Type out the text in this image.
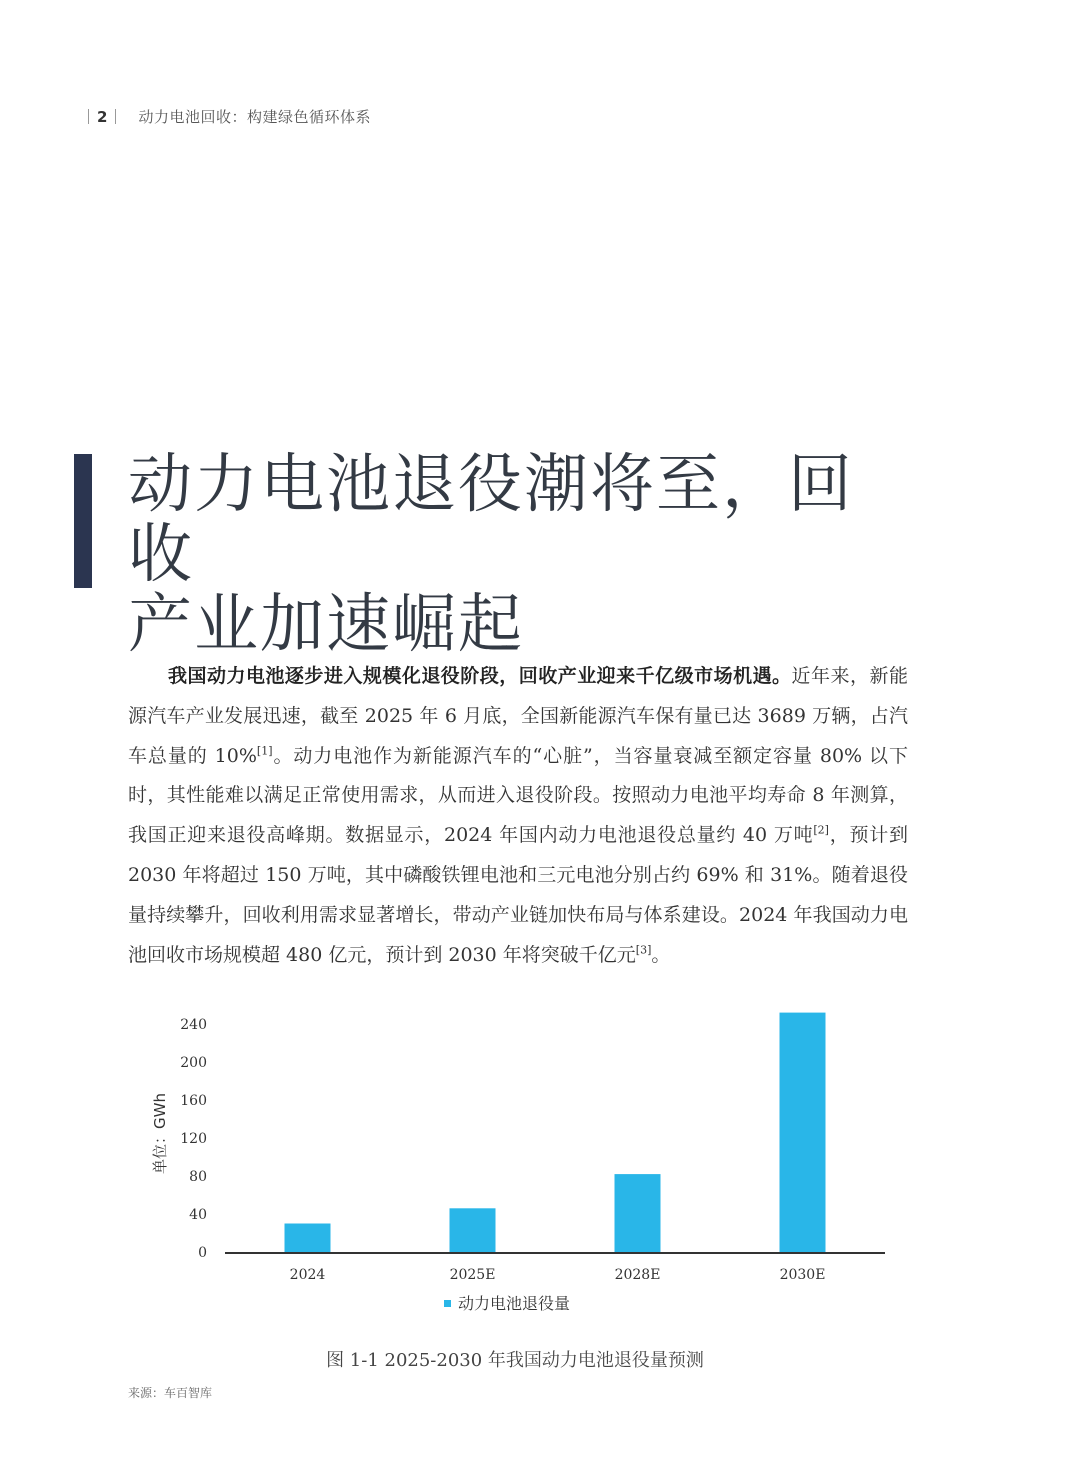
2 动力电池回收：构建绿色循环体系
动力电池退役潮将至，回收
产业加速崛起

我国动力电池逐步进入规模化退役阶段，回收产业迎来千亿级市场机遇。近年来，新能源汽车产业发展迅速，截至 2025 年 6 月底，全国新能源汽车保有量已达 3689 万辆，占汽车总量的 10%[1]。动力电池作为新能源汽车的“心脏”，当容量衰减至额定容量 80% 以下时，其性能难以满足正常使用需求，从而进入退役阶段。按照动力电池平均寿命 8 年测算，我国正迎来退役高峰期。数据显示，2024 年国内动力电池退役总量约 40 万吨[2]，预计到 2030 年将超过 150 万吨，其中磷酸铁锂电池和三元电池分别占约 69% 和 31%。随着退役量持续攀升，回收利用需求显著增长，带动产业链加快布局与体系建设。2024 年我国动力电池回收市场规模超 480 亿元，预计到 2030 年将突破千亿元[3]。

0
40
80
120
160
200
240
单位：GWh
2024	2025E	2028E	2030E
动力电池退役量
图 1-1 2025-2030 年我国动力电池退役量预测
来源：车百智库
